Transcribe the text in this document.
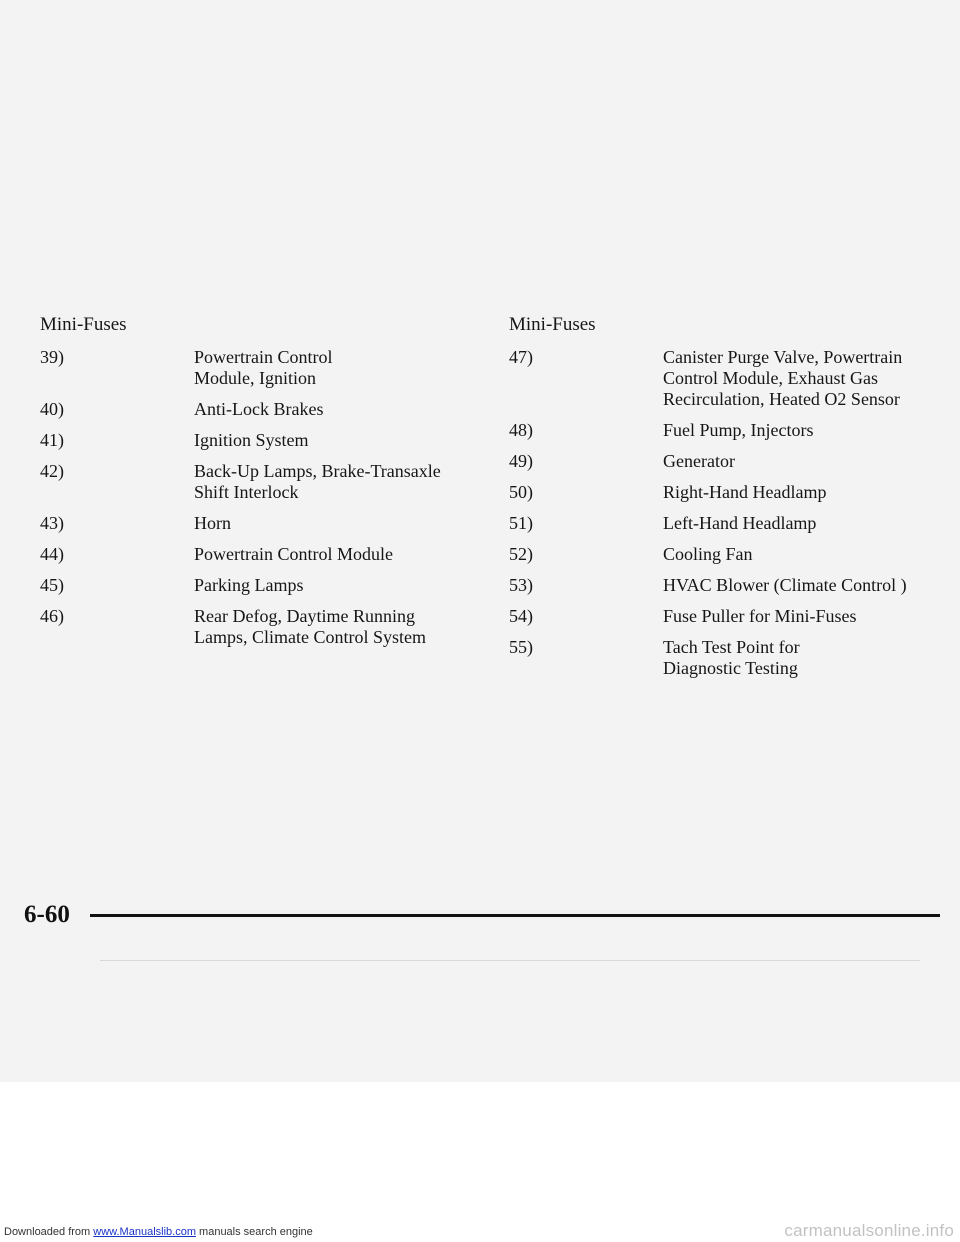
Mini-Fuses
39)	Powertrain Control
Module, Ignition
40)	Anti-Lock Brakes
41)	Ignition System
42)	Back-Up Lamps, Brake-Transaxle
Shift Interlock
43)	Horn
44)	Powertrain Control Module
45)	Parking Lamps
46)	Rear Defog, Daytime Running
Lamps, Climate Control System
Mini-Fuses
47)	Canister Purge Valve, Powertrain
Control Module, Exhaust Gas
Recirculation, Heated O2 Sensor
48)	Fuel Pump, Injectors
49)	Generator
50)	Right-Hand Headlamp
51)	Left-Hand Headlamp
52)	Cooling Fan
53)	HVAC Blower (Climate Control )
54)	Fuse Puller for Mini-Fuses
55)	Tach Test Point for
Diagnostic Testing
6-60
Downloaded from www.Manualslib.com manuals search engine	carmanualsonline.info
